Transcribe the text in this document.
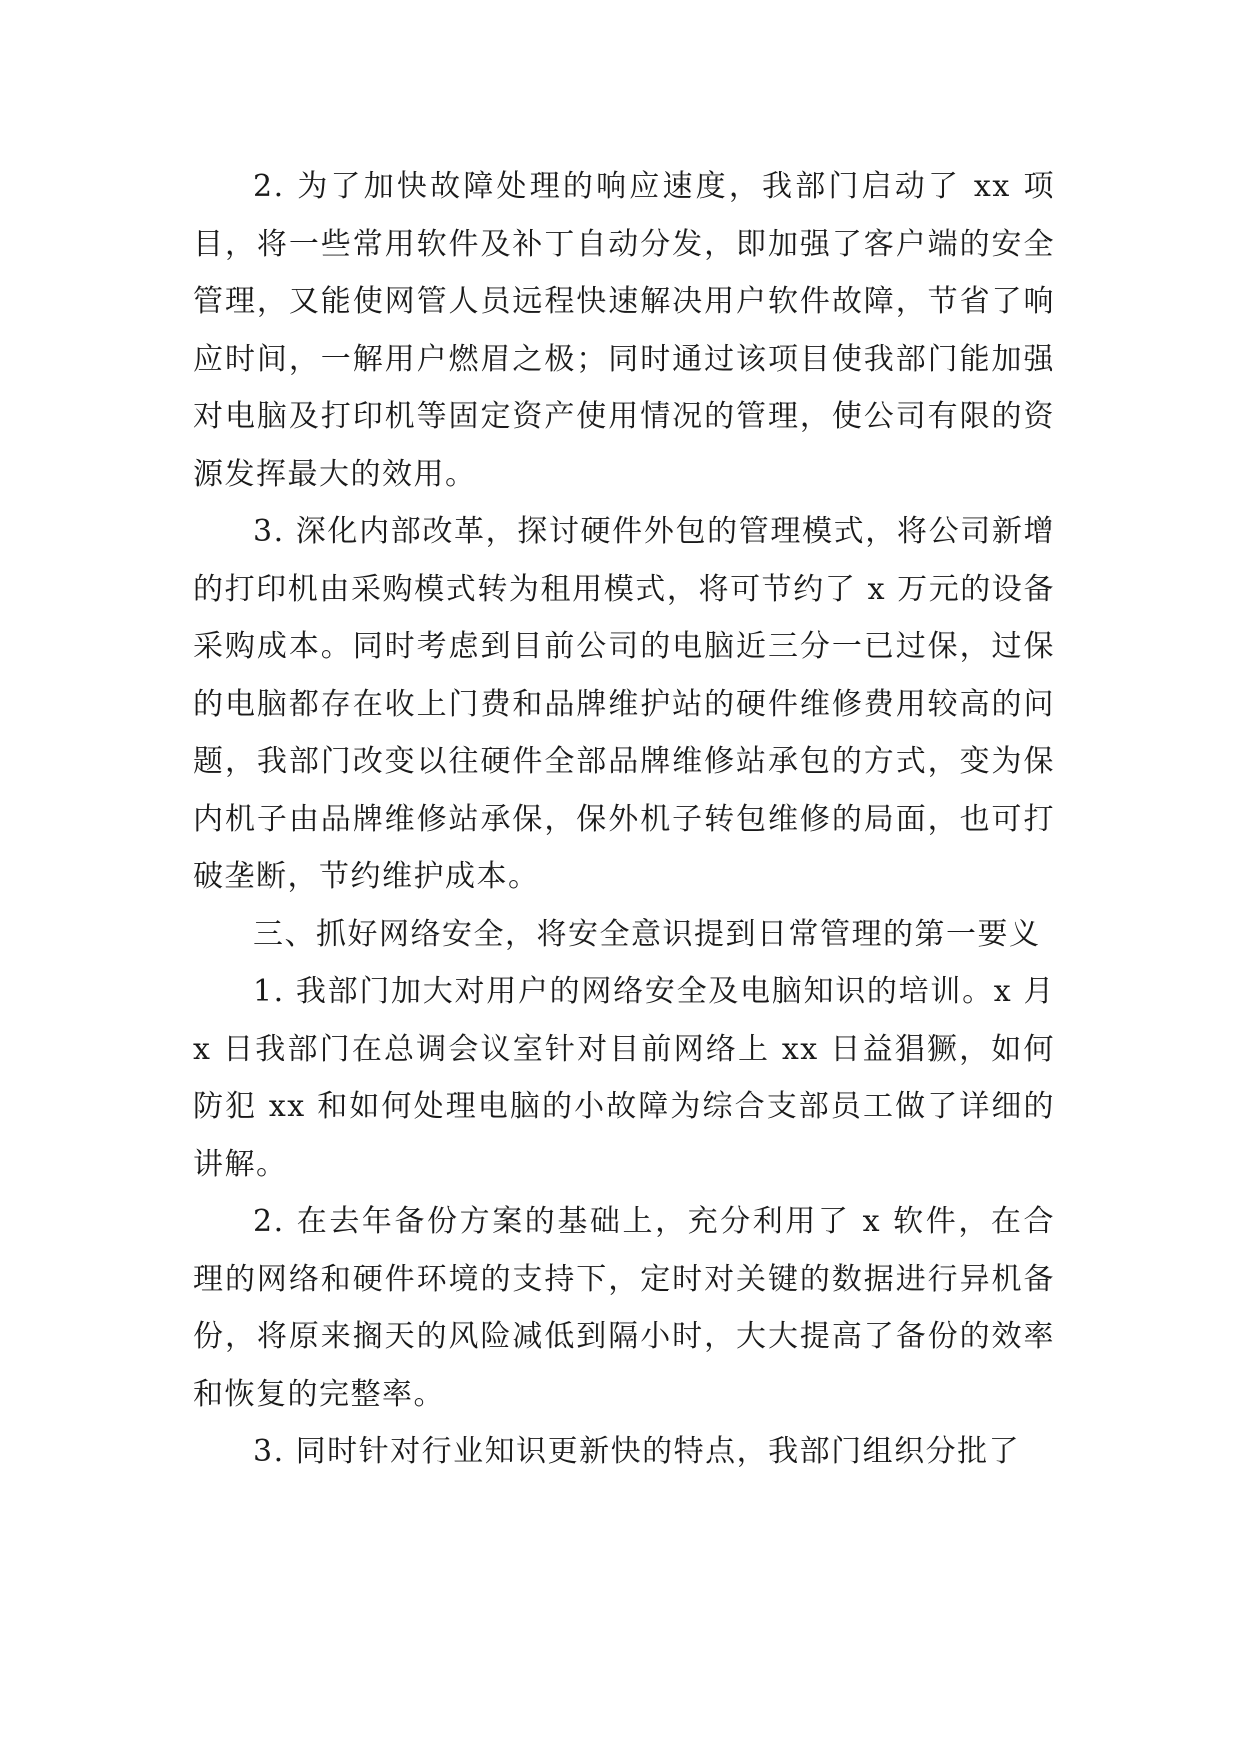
2. 为了加快故障处理的响应速度，我部门启动了 xx 项目，将一些常用软件及补丁自动分发，即加强了客户端的安全管理，又能使网管人员远程快速解决用户软件故障，节省了响应时间，一解用户燃眉之极；同时通过该项目使我部门能加强对电脑及打印机等固定资产使用情况的管理，使公司有限的资源发挥最大的效用。

3. 深化内部改革，探讨硬件外包的管理模式，将公司新增的打印机由采购模式转为租用模式，将可节约了 x 万元的设备采购成本。同时考虑到目前公司的电脑近三分一已过保，过保的电脑都存在收上门费和品牌维护站的硬件维修费用较高的问题，我部门改变以往硬件全部品牌维修站承包的方式，变为保内机子由品牌维修站承保，保外机子转包维修的局面，也可打破垄断，节约维护成本。

三、抓好网络安全，将安全意识提到日常管理的第一要义

1. 我部门加大对用户的网络安全及电脑知识的培训。x 月 x 日我部门在总调会议室针对目前网络上 xx 日益猖獗，如何防犯 xx 和如何处理电脑的小故障为综合支部员工做了详细的讲解。

2. 在去年备份方案的基础上，充分利用了 x 软件，在合理的网络和硬件环境的支持下，定时对关键的数据进行异机备份，将原来搁天的风险减低到隔小时，大大提高了备份的效率和恢复的完整率。

3. 同时针对行业知识更新快的特点，我部门组织分批了
